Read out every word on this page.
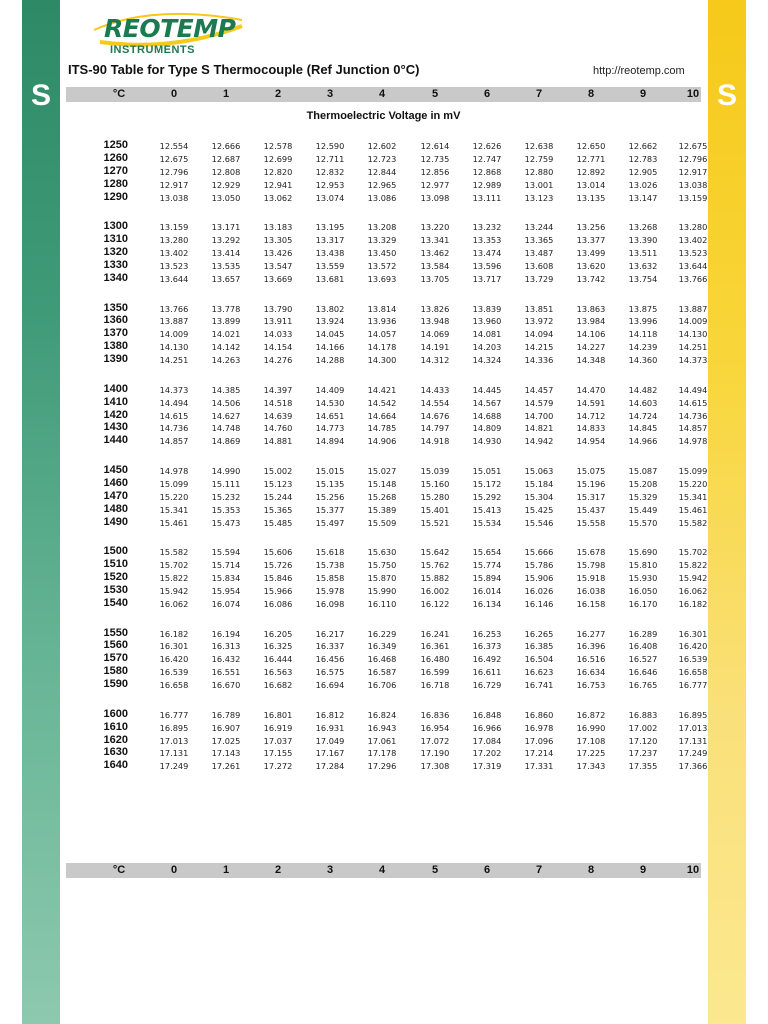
S	S
REOTEMP
INSTRUMENTS
ITS-90 Table for Type S Thermocouple (Ref Junction 0°C)	http://reotemp.com
°C	0	1	2	3	4	5	6	7	8	9	10
Thermoelectric Voltage in mV
1250	12.554	12.666	12.578	12.590	12.602	12.614	12.626	12.638	12.650	12.662	12.675
1260	12.675	12.687	12.699	12.711	12.723	12.735	12.747	12.759	12.771	12.783	12.796
1270	12.796	12.808	12.820	12.832	12.844	12.856	12.868	12.880	12.892	12.905	12.917
1280	12.917	12.929	12.941	12.953	12.965	12.977	12.989	13.001	13.014	13.026	13.038
1290	13.038	13.050	13.062	13.074	13.086	13.098	13.111	13.123	13.135	13.147	13.159
1300	13.159	13.171	13.183	13.195	13.208	13.220	13.232	13.244	13.256	13.268	13.280
1310	13.280	13.292	13.305	13.317	13.329	13.341	13.353	13.365	13.377	13.390	13.402
1320	13.402	13.414	13.426	13.438	13.450	13.462	13.474	13.487	13.499	13.511	13.523
1330	13.523	13.535	13.547	13.559	13.572	13.584	13.596	13.608	13.620	13.632	13.644
1340	13.644	13.657	13.669	13.681	13.693	13.705	13.717	13.729	13.742	13.754	13.766
1350	13.766	13.778	13.790	13.802	13.814	13.826	13.839	13.851	13.863	13.875	13.887
1360	13.887	13.899	13.911	13.924	13.936	13.948	13.960	13.972	13.984	13.996	14.009
1370	14.009	14.021	14.033	14.045	14.057	14.069	14.081	14.094	14.106	14.118	14.130
1380	14.130	14.142	14.154	14.166	14.178	14.191	14.203	14.215	14.227	14.239	14.251
1390	14.251	14.263	14.276	14.288	14.300	14.312	14.324	14.336	14.348	14.360	14.373
1400	14.373	14.385	14.397	14.409	14.421	14.433	14.445	14.457	14.470	14.482	14.494
1410	14.494	14.506	14.518	14.530	14.542	14.554	14.567	14.579	14.591	14.603	14.615
1420	14.615	14.627	14.639	14.651	14.664	14.676	14.688	14.700	14.712	14.724	14.736
1430	14.736	14.748	14.760	14.773	14.785	14.797	14.809	14.821	14.833	14.845	14.857
1440	14.857	14.869	14.881	14.894	14.906	14.918	14.930	14.942	14.954	14.966	14.978
1450	14.978	14.990	15.002	15.015	15.027	15.039	15.051	15.063	15.075	15.087	15.099
1460	15.099	15.111	15.123	15.135	15.148	15.160	15.172	15.184	15.196	15.208	15.220
1470	15.220	15.232	15.244	15.256	15.268	15.280	15.292	15.304	15.317	15.329	15.341
1480	15.341	15.353	15.365	15.377	15.389	15.401	15.413	15.425	15.437	15.449	15.461
1490	15.461	15.473	15.485	15.497	15.509	15.521	15.534	15.546	15.558	15.570	15.582
1500	15.582	15.594	15.606	15.618	15.630	15.642	15.654	15.666	15.678	15.690	15.702
1510	15.702	15.714	15.726	15.738	15.750	15.762	15.774	15.786	15.798	15.810	15.822
1520	15.822	15.834	15.846	15.858	15.870	15.882	15.894	15.906	15.918	15.930	15.942
1530	15.942	15.954	15.966	15.978	15.990	16.002	16.014	16.026	16.038	16.050	16.062
1540	16.062	16.074	16.086	16.098	16.110	16.122	16.134	16.146	16.158	16.170	16.182
1550	16.182	16.194	16.205	16.217	16.229	16.241	16.253	16.265	16.277	16.289	16.301
1560	16.301	16.313	16.325	16.337	16.349	16.361	16.373	16.385	16.396	16.408	16.420
1570	16.420	16.432	16.444	16.456	16.468	16.480	16.492	16.504	16.516	16.527	16.539
1580	16.539	16.551	16.563	16.575	16.587	16.599	16.611	16.623	16.634	16.646	16.658
1590	16.658	16.670	16.682	16.694	16.706	16.718	16.729	16.741	16.753	16.765	16.777
1600	16.777	16.789	16.801	16.812	16.824	16.836	16.848	16.860	16.872	16.883	16.895
1610	16.895	16.907	16.919	16.931	16.943	16.954	16.966	16.978	16.990	17.002	17.013
1620	17.013	17.025	17.037	17.049	17.061	17.072	17.084	17.096	17.108	17.120	17.131
1630	17.131	17.143	17.155	17.167	17.178	17.190	17.202	17.214	17.225	17.237	17.249
1640	17.249	17.261	17.272	17.284	17.296	17.308	17.319	17.331	17.343	17.355	17.366
°C	0	1	2	3	4	5	6	7	8	9	10
